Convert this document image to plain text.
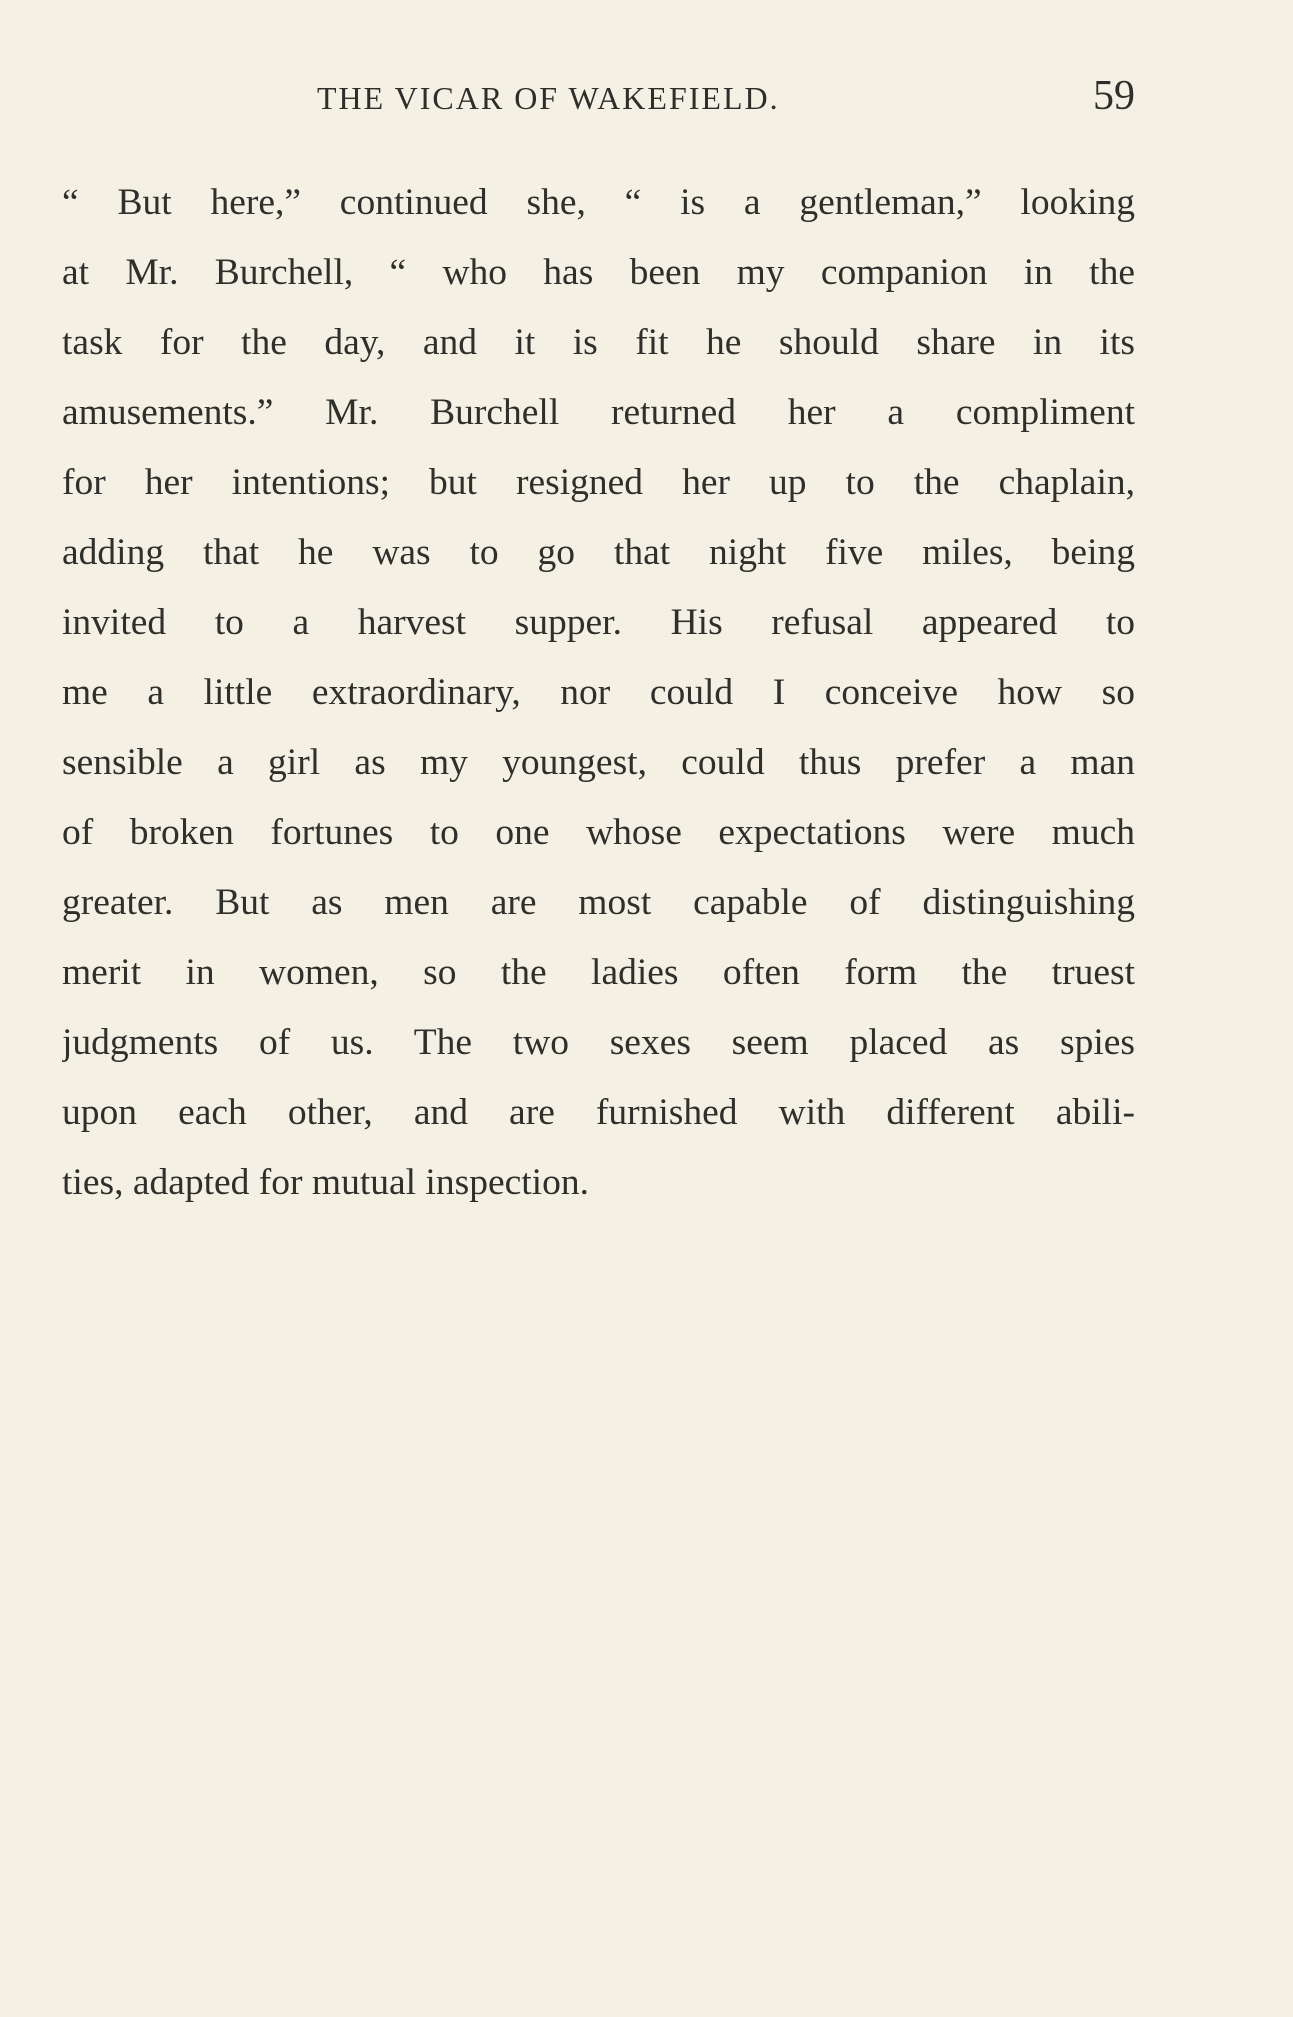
THE VICAR OF WAKEFIELD.	59
“ But here,” continued she, “ is a gentleman,” looking
at Mr. Burchell, “ who has been my companion in the
task for the day, and it is fit he should share in its
amusements.” Mr. Burchell returned her a compliment
for her intentions; but resigned her up to the chaplain,
adding that he was to go that night five miles, being
invited to a harvest supper. His refusal appeared to
me a little extraordinary, nor could I conceive how so
sensible a girl as my youngest, could thus prefer a man
of broken fortunes to one whose expectations were much
greater. But as men are most capable of distinguishing
merit in women, so the ladies often form the truest
judgments of us. The two sexes seem placed as spies
upon each other, and are furnished with different abili-
ties, adapted for mutual inspection.
